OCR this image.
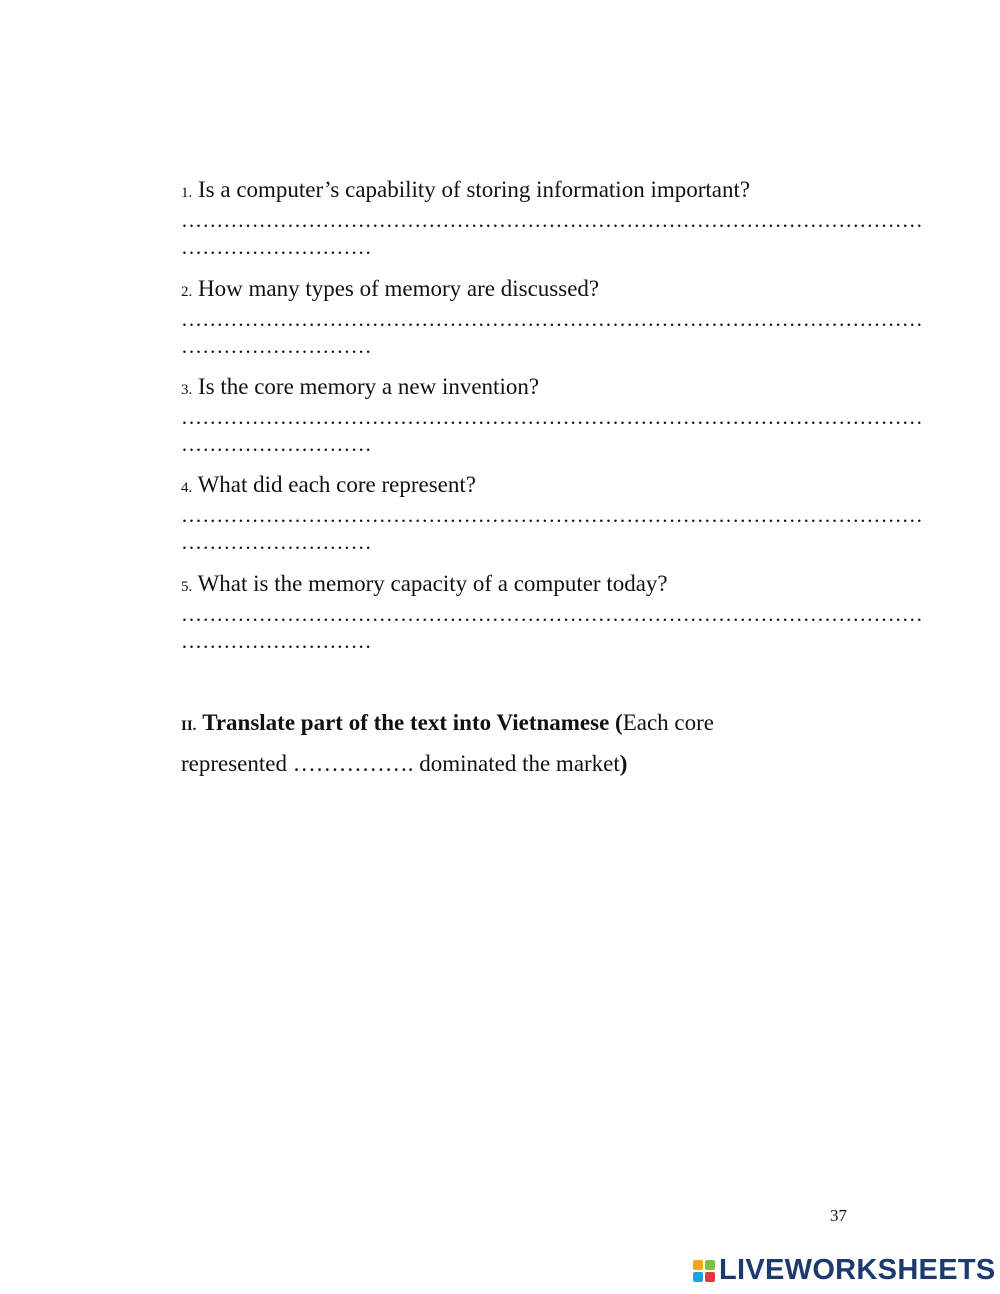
1. Is a computer’s capability of storing information important?
……………………………………………………………………………………………
………………………
2. How many types of memory are discussed?
……………………………………………………………………………………………
………………………
3. Is the core memory a new invention?
……………………………………………………………………………………………
………………………
4. What did each core represent?
……………………………………………………………………………………………
………………………
5. What is the memory capacity of a computer today?
……………………………………………………………………………………………
………………………
II. Translate part of the text into Vietnamese (Each core represented ……………. dominated the market)
37
LIVEWORKSHEETS
